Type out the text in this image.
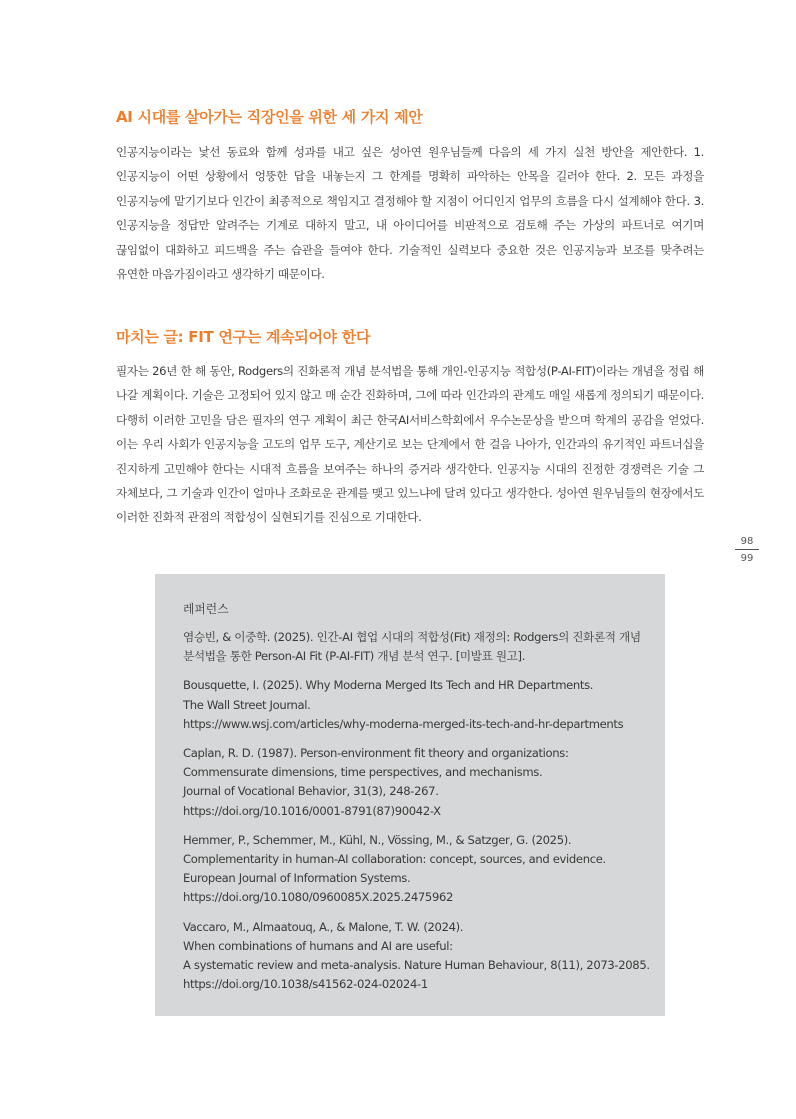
AI 시대를 살아가는 직장인을 위한 세 가지 제안

인공지능이라는 낯선 동료와 함께 성과를 내고 싶은 성아연 원우님들께 다음의 세 가지 실천 방안을 제안한다. 1. 인공지능이 어떤 상황에서 엉뚱한 답을 내놓는지 그 한계를 명확히 파악하는 안목을 길러야 한다. 2. 모든 과정을 인공지능에 맡기기보다 인간이 최종적으로 책임지고 결정해야 할 지점이 어디인지 업무의 흐름을 다시 설계해야 한다. 3. 인공지능을 정답만 알려주는 기계로 대하지 말고, 내 아이디어를 비판적으로 검토해 주는 가상의 파트너로 여기며 끊임없이 대화하고 피드백을 주는 습관을 들여야 한다. 기술적인 실력보다 중요한 것은 인공지능과 보조를 맞추려는 유연한 마음가짐이라고 생각하기 때문이다.

마치는 글: FIT 연구는 계속되어야 한다

필자는 26년 한 해 동안, Rodgers의 진화론적 개념 분석법을 통해 개인-인공지능 적합성(P-AI-FIT)이라는 개념을 정립 해 나갈 계획이다. 기술은 고정되어 있지 않고 매 순간 진화하며, 그에 따라 인간과의 관계도 매일 새롭게 정의되기 때문이다. 다행히 이러한 고민을 담은 필자의 연구 계획이 최근 한국AI서비스학회에서 우수논문상을 받으며 학계의 공감을 얻었다. 이는 우리 사회가 인공지능을 고도의 업무 도구, 계산기로 보는 단계에서 한 걸음 나아가, 인간과의 유기적인 파트너십을 진지하게 고민해야 한다는 시대적 흐름을 보여주는 하나의 증거라 생각한다. 인공지능 시대의 진정한 경쟁력은 기술 그 자체보다, 그 기술과 인간이 얼마나 조화로운 관계를 맺고 있느냐에 달려 있다고 생각한다. 성아연 원우님들의 현장에서도 이러한 진화적 관점의 적합성이 실현되기를 진심으로 기대한다.

98
99
레퍼런스
염승빈, & 이중학. (2025). 인간-AI 협업 시대의 적합성(Fit) 재정의: Rodgers의 진화론적 개념
분석법을 통한 Person-AI Fit (P-AI-FIT) 개념 분석 연구. [미발표 원고].
Bousquette, I. (2025). Why Moderna Merged Its Tech and HR Departments.
The Wall Street Journal.
https://www.wsj.com/articles/why-moderna-merged-its-tech-and-hr-departments
Caplan, R. D. (1987). Person-environment fit theory and organizations:
Commensurate dimensions, time perspectives, and mechanisms.
Journal of Vocational Behavior, 31(3), 248-267.
https://doi.org/10.1016/0001-8791(87)90042-X
Hemmer, P., Schemmer, M., Kühl, N., Vössing, M., & Satzger, G. (2025).
Complementarity in human-AI collaboration: concept, sources, and evidence.
European Journal of Information Systems.
https://doi.org/10.1080/0960085X.2025.2475962
Vaccaro, M., Almaatouq, A., & Malone, T. W. (2024).
When combinations of humans and AI are useful:
A systematic review and meta-analysis. Nature Human Behaviour, 8(11), 2073-2085.
https://doi.org/10.1038/s41562-024-02024-1
